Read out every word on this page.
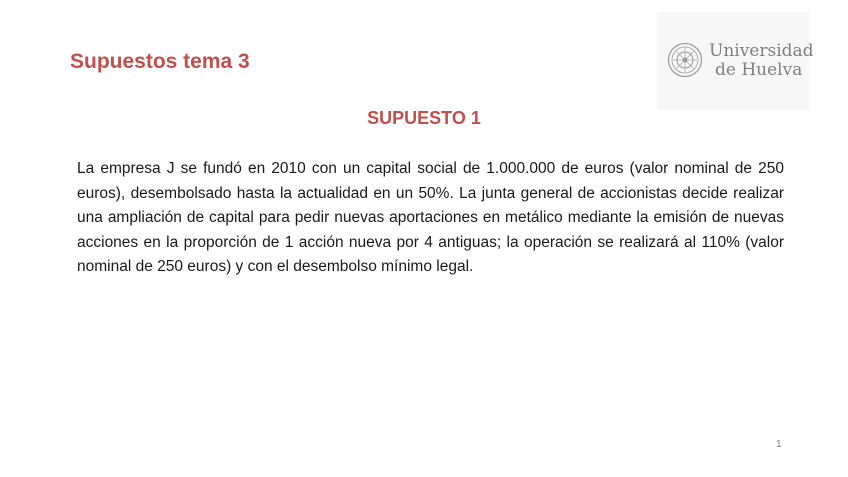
Supuestos tema 3	Universidad
de Huelva
SUPUESTO 1

La empresa J se fundó en 2010 con un capital social de 1.000.000 de euros (valor nominal de 250 euros), desembolsado hasta la actualidad en un 50%. La junta general de accionistas decide realizar una ampliación de capital para pedir nuevas aportaciones en metálico mediante la emisión de nuevas acciones en la proporción de 1 acción nueva por 4 antiguas; la operación se realizará al 110% (valor nominal de 250 euros) y con el desembolso mínimo legal.

1
